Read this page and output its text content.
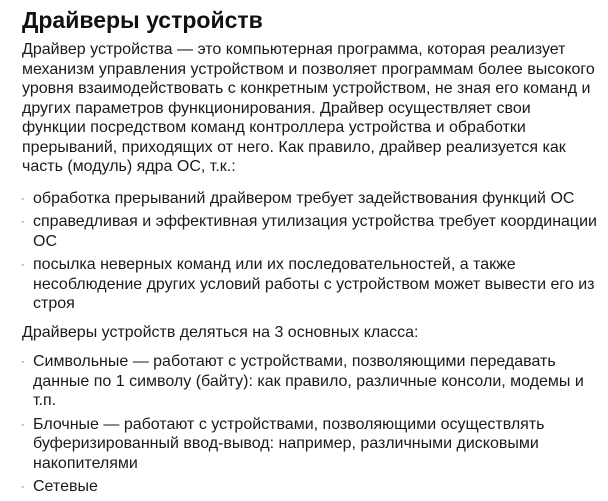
Драйверы устройств

Драйвер устройства — это компьютерная программа, которая реализует механизм управления устройством и позволяет программам более высокого уровня взаимодействовать с конкретным устройством, не зная его команд и других параметров функционирования. Драйвер осуществляет свои функции посредством команд контроллера устройства и обработки прерываний, приходящих от него. Как правило, драйвер реализуется как часть (модуль) ядра ОС, т.к.:

· обработка прерываний драйвером требует задействования функций ОС
· справедливая и эффективная утилизация устройства требует координации ОС
· посылка неверных команд или их последовательностей, а также несоблюдение других условий работы с устройством может вывести его из строя

Драйверы устройств деляться на 3 основных класса:

· Символьные — работают с устройствами, позволяющими передавать данные по 1 символу (байту): как правило, различные консоли, модемы и т.п.
· Блочные — работают с устройствами, позволяющими осуществлять буферизированный ввод-вывод: например, различными дисковыми накопителями
· Сетевые
